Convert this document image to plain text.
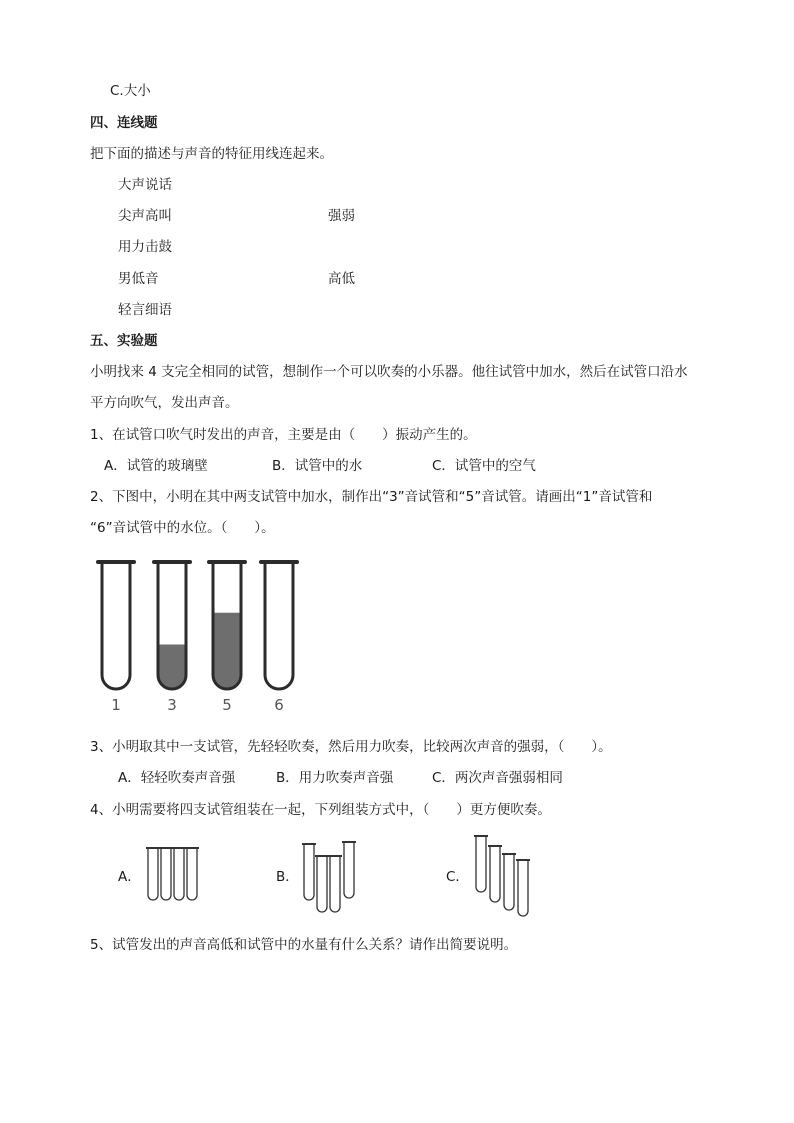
C.大小
四、连线题
把下面的描述与声音的特征用线连起来。
大声说话
尖声高叫
用力击鼓
男低音
轻言细语
强弱
高低
五、实验题
小明找来 4 支完全相同的试管，想制作一个可以吹奏的小乐器。他往试管中加水，然后在试管口沿水
平方向吹气，发出声音。
1、在试管口吹气时发出的声音，主要是由（　　）振动产生的。
A．试管的玻璃壁	B．试管中的水	C．试管中的空气
2、下图中，小明在其中两支试管中加水，制作出“3”音试管和“5”音试管。请画出“1”音试管和
“6”音试管中的水位。（　　）。
1	3	5	6
3、小明取其中一支试管，先轻轻吹奏，然后用力吹奏，比较两次声音的强弱，（　　）。
A．轻轻吹奏声音强	B．用力吹奏声音强	C．两次声音强弱相同
4、小明需要将四支试管组装在一起，下列组装方式中，（　　）更方便吹奏。
A．	B．	C．
5、试管发出的声音高低和试管中的水量有什么关系？请作出简要说明。
